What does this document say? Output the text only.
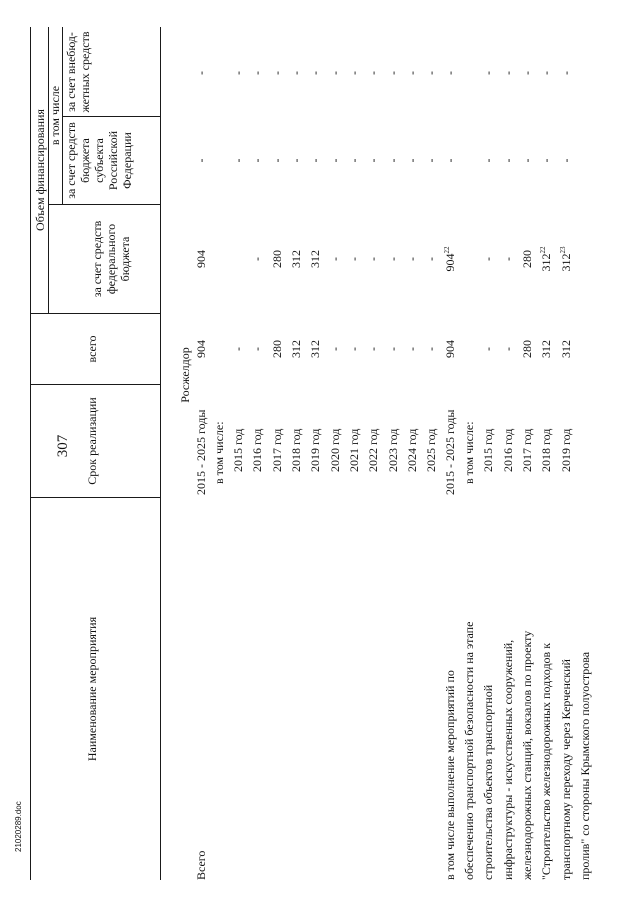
307
21020289.doc
Наименование мероприятия
Срок реализации
всего
Объем финансирования
за счет средств федерального бюджета
в том числе
за счет средств бюджета субъекта Российской Федерации
за счет внебюд-жетных средств
Росжелдор
Всего
2015 - 2025 годы
904
904
-
-
в том числе: 2015 год
-
-
-
2016 год
-
-
-
-
2017 год
280
280
-
-
2018 год
312
312
-
-
2019 год
312
312
-
-
2020 год
-
-
-
-
2021 год
-
-
-
-
2022 год
-
-
-
-
2023 год
-
-
-
-
2024 год
-
-
-
-
2025 год
-
-
-
-
в том числе выполнение мероприятий по обеспечению транспортной безопасности на этапе строительства объектов транспортной инфраструктуры - искусственных сооружений, железнодорожных станций, вокзалов по проекту "Строительство железнодорожных подходов к транспортному переходу через Керченский пролив" со стороны Крымского полуострова
2015 - 2025 годы
904
$904^{22}$
-
-
в том числе: 2015 год
-
-
-
-
2016 год
-
-
-
-
2017 год
280
280
-
-
2018 год
312
$312^{22}$
-
-
2019 год
312
$312^{23}$
-
-
